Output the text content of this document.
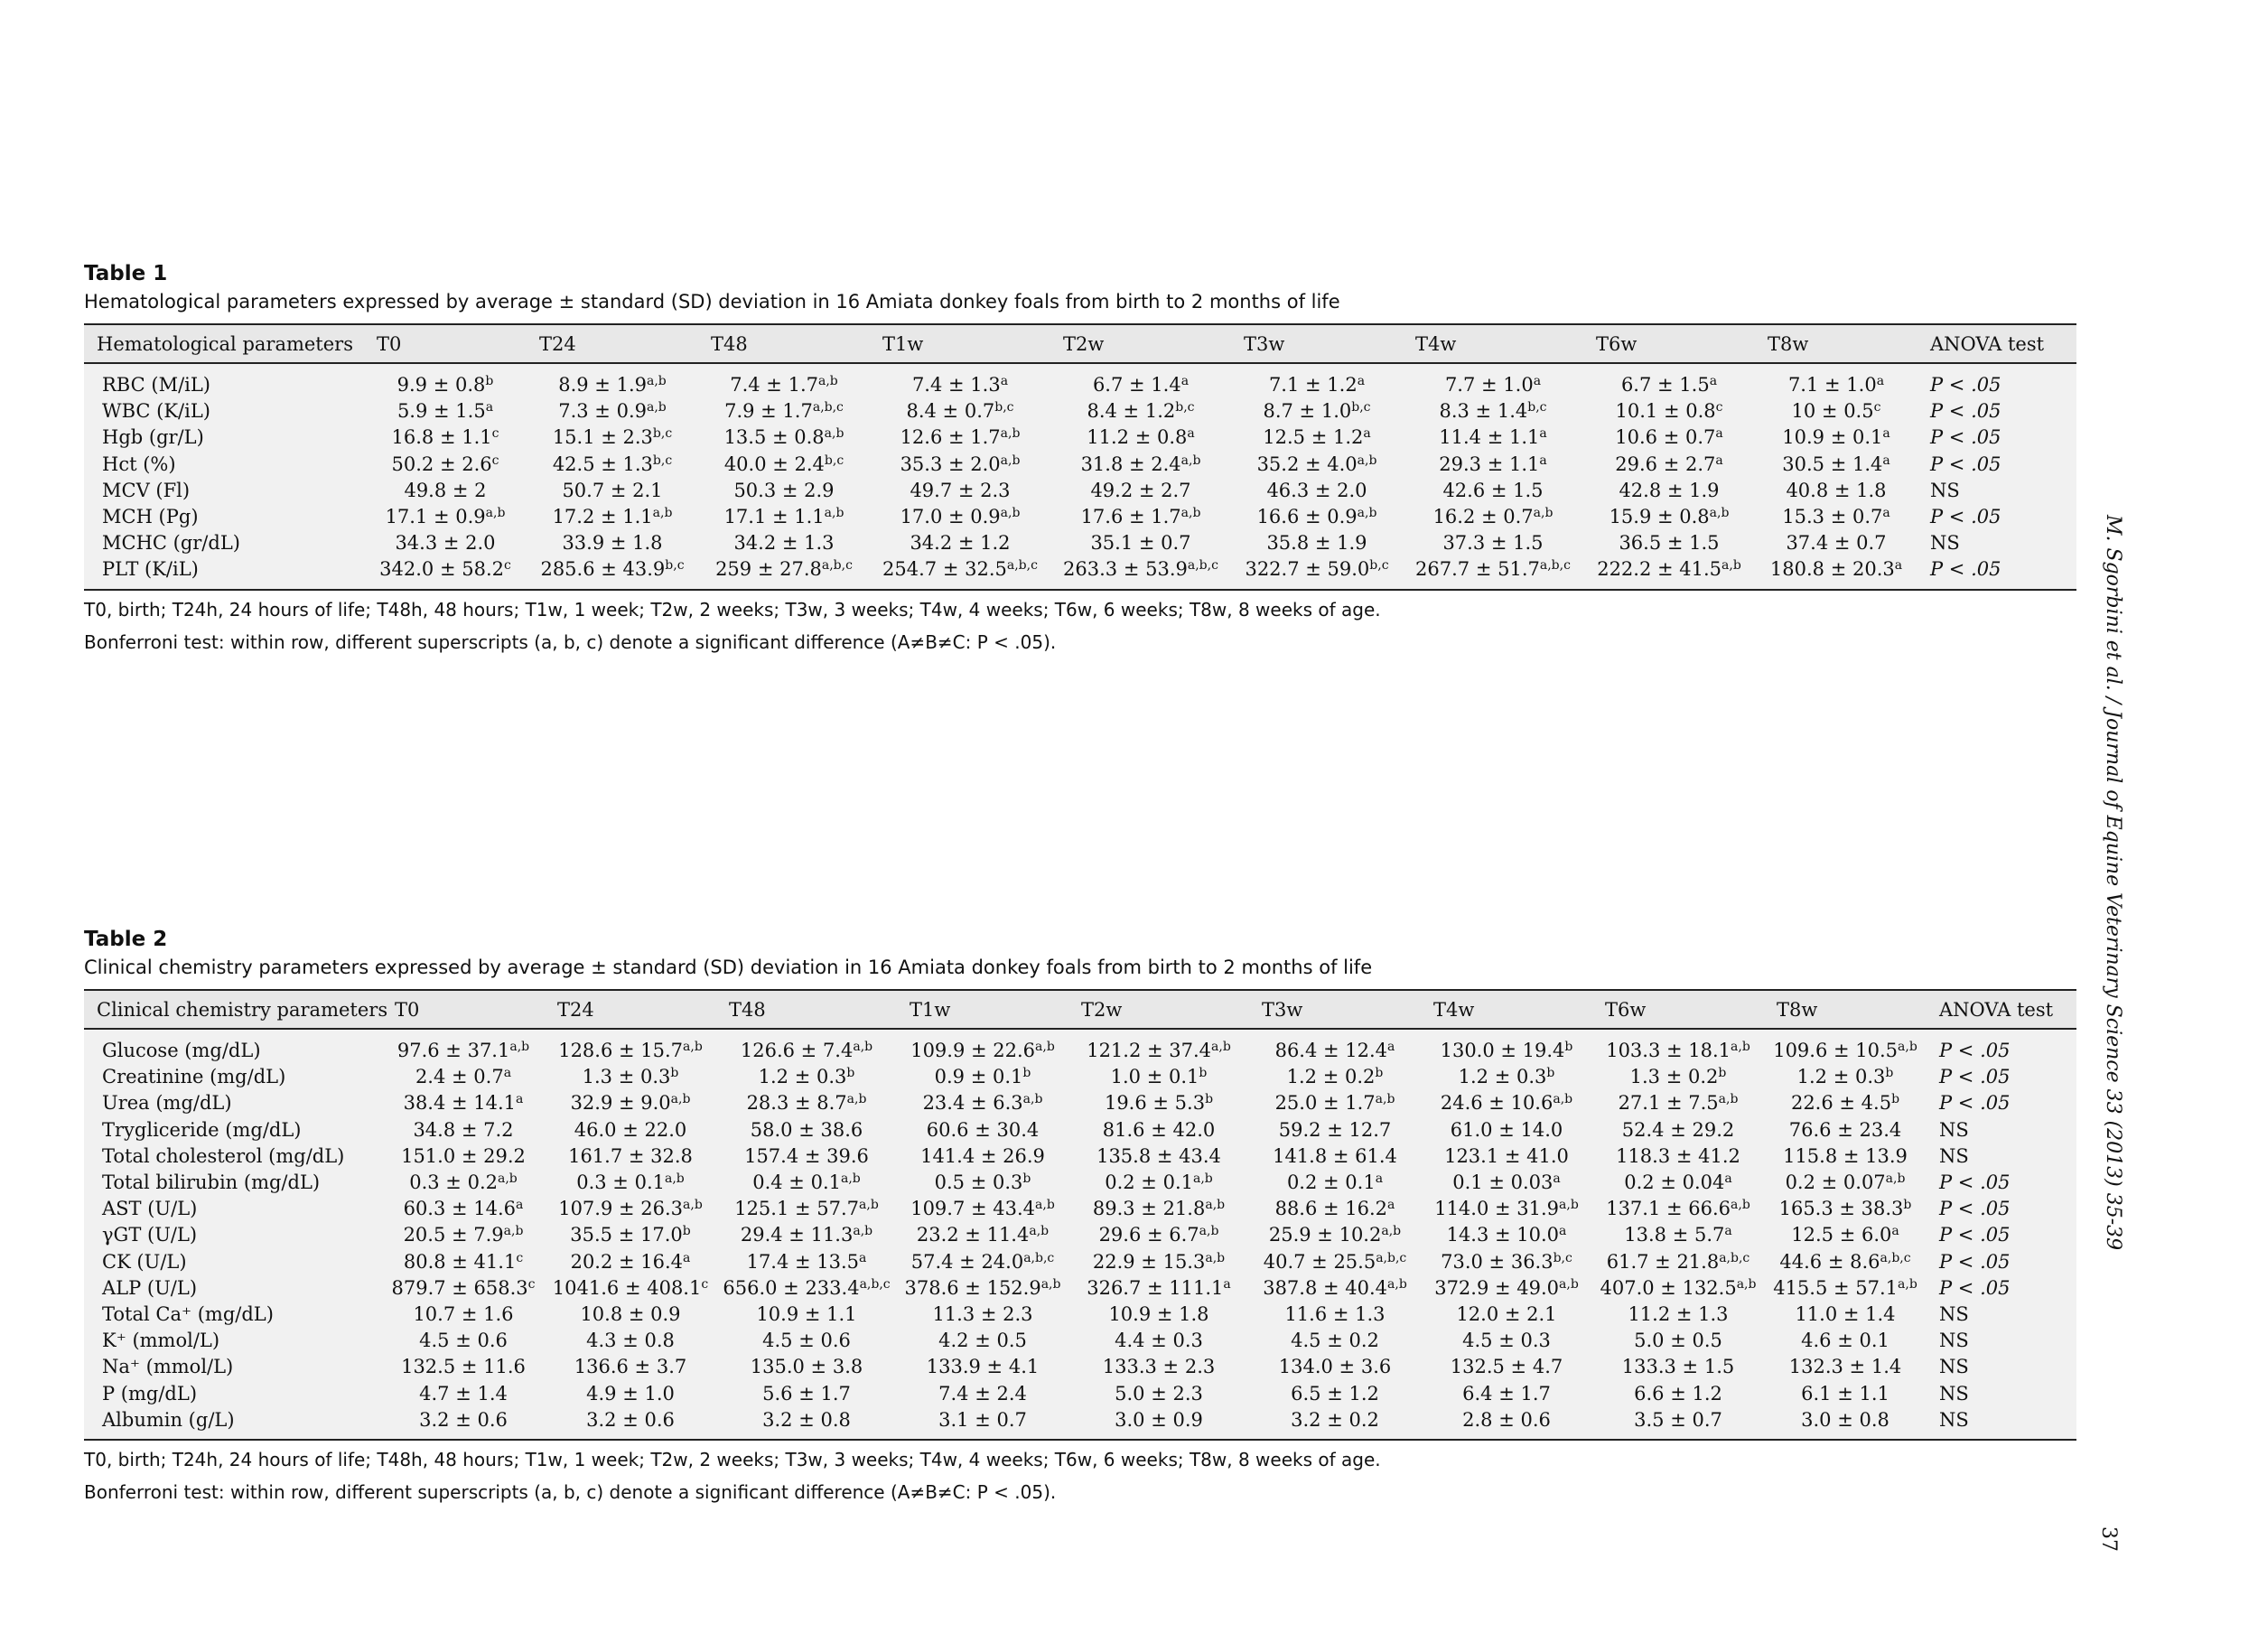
Table 1
Hematological parameters expressed by average ± standard (SD) deviation in 16 Amiata donkey foals from birth to 2 months of life
Hematological parameters	T0	T24	T48	T1w	T2w	T3w	T4w	T6w	T8w	ANOVA test
RBC (M/iL)	9.9 ± 0.8$^b$	$8.9 \pm 1.9^{a,b}$	$7.4 \pm 1.7^{a,b}$	7.4 ± 1.3$^a$	6.7 ± 1.4$^a$	7.1 ± 1.2$^a$	7.7 ± 1.0$^a$	6.7 ± 1.5$^a$	7.1 ± 1.0$^a$	P < .05
WBC (K/iL)	5.9 ± 1.5$^a$	$7.3 \pm 0.9^{a,b}$	$7.9 \pm 1.7^{a,b,c}$	$8.4 \pm 0.7^{b,c}$	$8.4 \pm 1.2^{b,c}$	$8.7 \pm 1.0^{b,c}$	$8.3 \pm 1.4^{b,c}$	10.1 ± 0.8$^c$	10 ± 0.5$^c$	P < .05
Hgb (gr/L)	16.8 ± 1.1$^c$	$15.1 \pm 2.3^{b,c}$	$13.5 \pm 0.8^{a,b}$	$12.6 \pm 1.7^{a,b}$	11.2 ± 0.8$^a$	12.5 ± 1.2$^a$	11.4 ± 1.1$^a$	10.6 ± 0.7$^a$	10.9 ± 0.1$^a$	P < .05
Hct (%)	50.2 ± 2.6$^c$	$42.5 \pm 1.3^{b,c}$	$40.0 \pm 2.4^{b,c}$	$35.3 \pm 2.0^{a,b}$	$31.8 \pm 2.4^{a,b}$	$35.2 \pm 4.0^{a,b}$	29.3 ± 1.1$^a$	29.6 ± 2.7$^a$	30.5 ± 1.4$^a$	P < .05
MCV (Fl)	49.8 ± 2	50.7 ± 2.1	50.3 ± 2.9	49.7 ± 2.3	49.2 ± 2.7	46.3 ± 2.0	42.6 ± 1.5	42.8 ± 1.9	40.8 ± 1.8	NS
MCH (Pg)	$17.1 \pm 0.9^{a,b}$	$17.2 \pm 1.1^{a,b}$	$17.1 \pm 1.1^{a,b}$	$17.0 \pm 0.9^{a,b}$	$17.6 \pm 1.7^{a,b}$	$16.6 \pm 0.9^{a,b}$	$16.2 \pm 0.7^{a,b}$	$15.9 \pm 0.8^{a,b}$	15.3 ± 0.7$^a$	P < .05
MCHC (gr/dL)	34.3 ± 2.0	33.9 ± 1.8	34.2 ± 1.3	34.2 ± 1.2	35.1 ± 0.7	35.8 ± 1.9	37.3 ± 1.5	36.5 ± 1.5	37.4 ± 0.7	NS
PLT (K/iL)	342.0 ± 58.2$^c$	$285.6 \pm 43.9^{b,c}$	$259 \pm 27.8^{a,b,c}$	$254.7 \pm 32.5^{a,b,c}$	$263.3 \pm 53.9^{a,b,c}$	$322.7 \pm 59.0^{b,c}$	$267.7 \pm 51.7^{a,b,c}$	$222.2 \pm 41.5^{a,b}$	180.8 ± 20.3$^a$	P < .05
T0, birth; T24h, 24 hours of life; T48h, 48 hours; T1w, 1 week; T2w, 2 weeks; T3w, 3 weeks; T4w, 4 weeks; T6w, 6 weeks; T8w, 8 weeks of age.
Bonferroni test: within row, different superscripts (a, b, c) denote a significant difference (A≠B≠C: P < .05).
Table 2
Clinical chemistry parameters expressed by average ± standard (SD) deviation in 16 Amiata donkey foals from birth to 2 months of life
Clinical chemistry parameters	T0	T24	T48	T1w	T2w	T3w	T4w	T6w	T8w	ANOVA test
Glucose (mg/dL)	$97.6 \pm 37.1^{a,b}$	$128.6 \pm 15.7^{a,b}$	$126.6 \pm 7.4^{a,b}$	$109.9 \pm 22.6^{a,b}$	$121.2 \pm 37.4^{a,b}$	86.4 ± 12.4$^a$	130.0 ± 19.4$^b$	$103.3 \pm 18.1^{a,b}$	$109.6 \pm 10.5^{a,b}$	P < .05
Creatinine (mg/dL)	2.4 ± 0.7$^a$	1.3 ± 0.3$^b$	1.2 ± 0.3$^b$	0.9 ± 0.1$^b$	1.0 ± 0.1$^b$	1.2 ± 0.2$^b$	1.2 ± 0.3$^b$	1.3 ± 0.2$^b$	1.2 ± 0.3$^b$	P < .05
Urea (mg/dL)	38.4 ± 14.1$^a$	$32.9 \pm 9.0^{a,b}$	$28.3 \pm 8.7^{a,b}$	$23.4 \pm 6.3^{a,b}$	19.6 ± 5.3$^b$	$25.0 \pm 1.7^{a,b}$	$24.6 \pm 10.6^{a,b}$	$27.1 \pm 7.5^{a,b}$	22.6 ± 4.5$^b$	P < .05
Trygliceride (mg/dL)	34.8 ± 7.2	46.0 ± 22.0	58.0 ± 38.6	60.6 ± 30.4	81.6 ± 42.0	59.2 ± 12.7	61.0 ± 14.0	52.4 ± 29.2	76.6 ± 23.4	NS
Total cholesterol (mg/dL)	151.0 ± 29.2	161.7 ± 32.8	157.4 ± 39.6	141.4 ± 26.9	135.8 ± 43.4	141.8 ± 61.4	123.1 ± 41.0	118.3 ± 41.2	115.8 ± 13.9	NS
Total bilirubin (mg/dL)	$0.3 \pm 0.2^{a,b}$	$0.3 \pm 0.1^{a,b}$	$0.4 \pm 0.1^{a,b}$	0.5 ± 0.3$^b$	$0.2 \pm 0.1^{a,b}$	0.2 ± 0.1$^a$	0.1 ± 0.03$^a$	0.2 ± 0.04$^a$	$0.2 \pm 0.07^{a,b}$	P < .05
AST (U/L)	60.3 ± 14.6$^a$	$107.9 \pm 26.3^{a,b}$	$125.1 \pm 57.7^{a,b}$	$109.7 \pm 43.4^{a,b}$	$89.3 \pm 21.8^{a,b}$	88.6 ± 16.2$^a$	$114.0 \pm 31.9^{a,b}$	$137.1 \pm 66.6^{a,b}$	165.3 ± 38.3$^b$	P < .05
γGT (U/L)	$20.5 \pm 7.9^{a,b}$	35.5 ± 17.0$^b$	$29.4 \pm 11.3^{a,b}$	$23.2 \pm 11.4^{a,b}$	$29.6 \pm 6.7^{a,b}$	$25.9 \pm 10.2^{a,b}$	14.3 ± 10.0$^a$	13.8 ± 5.7$^a$	12.5 ± 6.0$^a$	P < .05
CK (U/L)	80.8 ± 41.1$^c$	20.2 ± 16.4$^a$	17.4 ± 13.5$^a$	$57.4 \pm 24.0^{a,b,c}$	$22.9 \pm 15.3^{a,b}$	$40.7 \pm 25.5^{a,b,c}$	$73.0 \pm 36.3^{b,c}$	$61.7 \pm 21.8^{a,b,c}$	$44.6 \pm 8.6^{a,b,c}$	P < .05
ALP (U/L)	879.7 ± 658.3$^c$	1041.6 ± 408.1$^c$	$656.0 \pm 233.4^{a,b,c}$	$378.6 \pm 152.9^{a,b}$	326.7 ± 111.1$^a$	$387.8 \pm 40.4^{a,b}$	$372.9 \pm 49.0^{a,b}$	$407.0 \pm 132.5^{a,b}$	$415.5 \pm 57.1^{a,b}$	P < .05
Total Ca⁺ (mg/dL)	10.7 ± 1.6	10.8 ± 0.9	10.9 ± 1.1	11.3 ± 2.3	10.9 ± 1.8	11.6 ± 1.3	12.0 ± 2.1	11.2 ± 1.3	11.0 ± 1.4	NS
K⁺ (mmol/L)	4.5 ± 0.6	4.3 ± 0.8	4.5 ± 0.6	4.2 ± 0.5	4.4 ± 0.3	4.5 ± 0.2	4.5 ± 0.3	5.0 ± 0.5	4.6 ± 0.1	NS
Na⁺ (mmol/L)	132.5 ± 11.6	136.6 ± 3.7	135.0 ± 3.8	133.9 ± 4.1	133.3 ± 2.3	134.0 ± 3.6	132.5 ± 4.7	133.3 ± 1.5	132.3 ± 1.4	NS
P (mg/dL)	4.7 ± 1.4	4.9 ± 1.0	5.6 ± 1.7	7.4 ± 2.4	5.0 ± 2.3	6.5 ± 1.2	6.4 ± 1.7	6.6 ± 1.2	6.1 ± 1.1	NS
Albumin (g/L)	3.2 ± 0.6	3.2 ± 0.6	3.2 ± 0.8	3.1 ± 0.7	3.0 ± 0.9	3.2 ± 0.2	2.8 ± 0.6	3.5 ± 0.7	3.0 ± 0.8	NS
T0, birth; T24h, 24 hours of life; T48h, 48 hours; T1w, 1 week; T2w, 2 weeks; T3w, 3 weeks; T4w, 4 weeks; T6w, 6 weeks; T8w, 8 weeks of age.
Bonferroni test: within row, different superscripts (a, b, c) denote a significant difference (A≠B≠C: P < .05).
M. Sgorbini et al. / Journal of Equine Veterinary Science 33 (2013) 35-39
37
